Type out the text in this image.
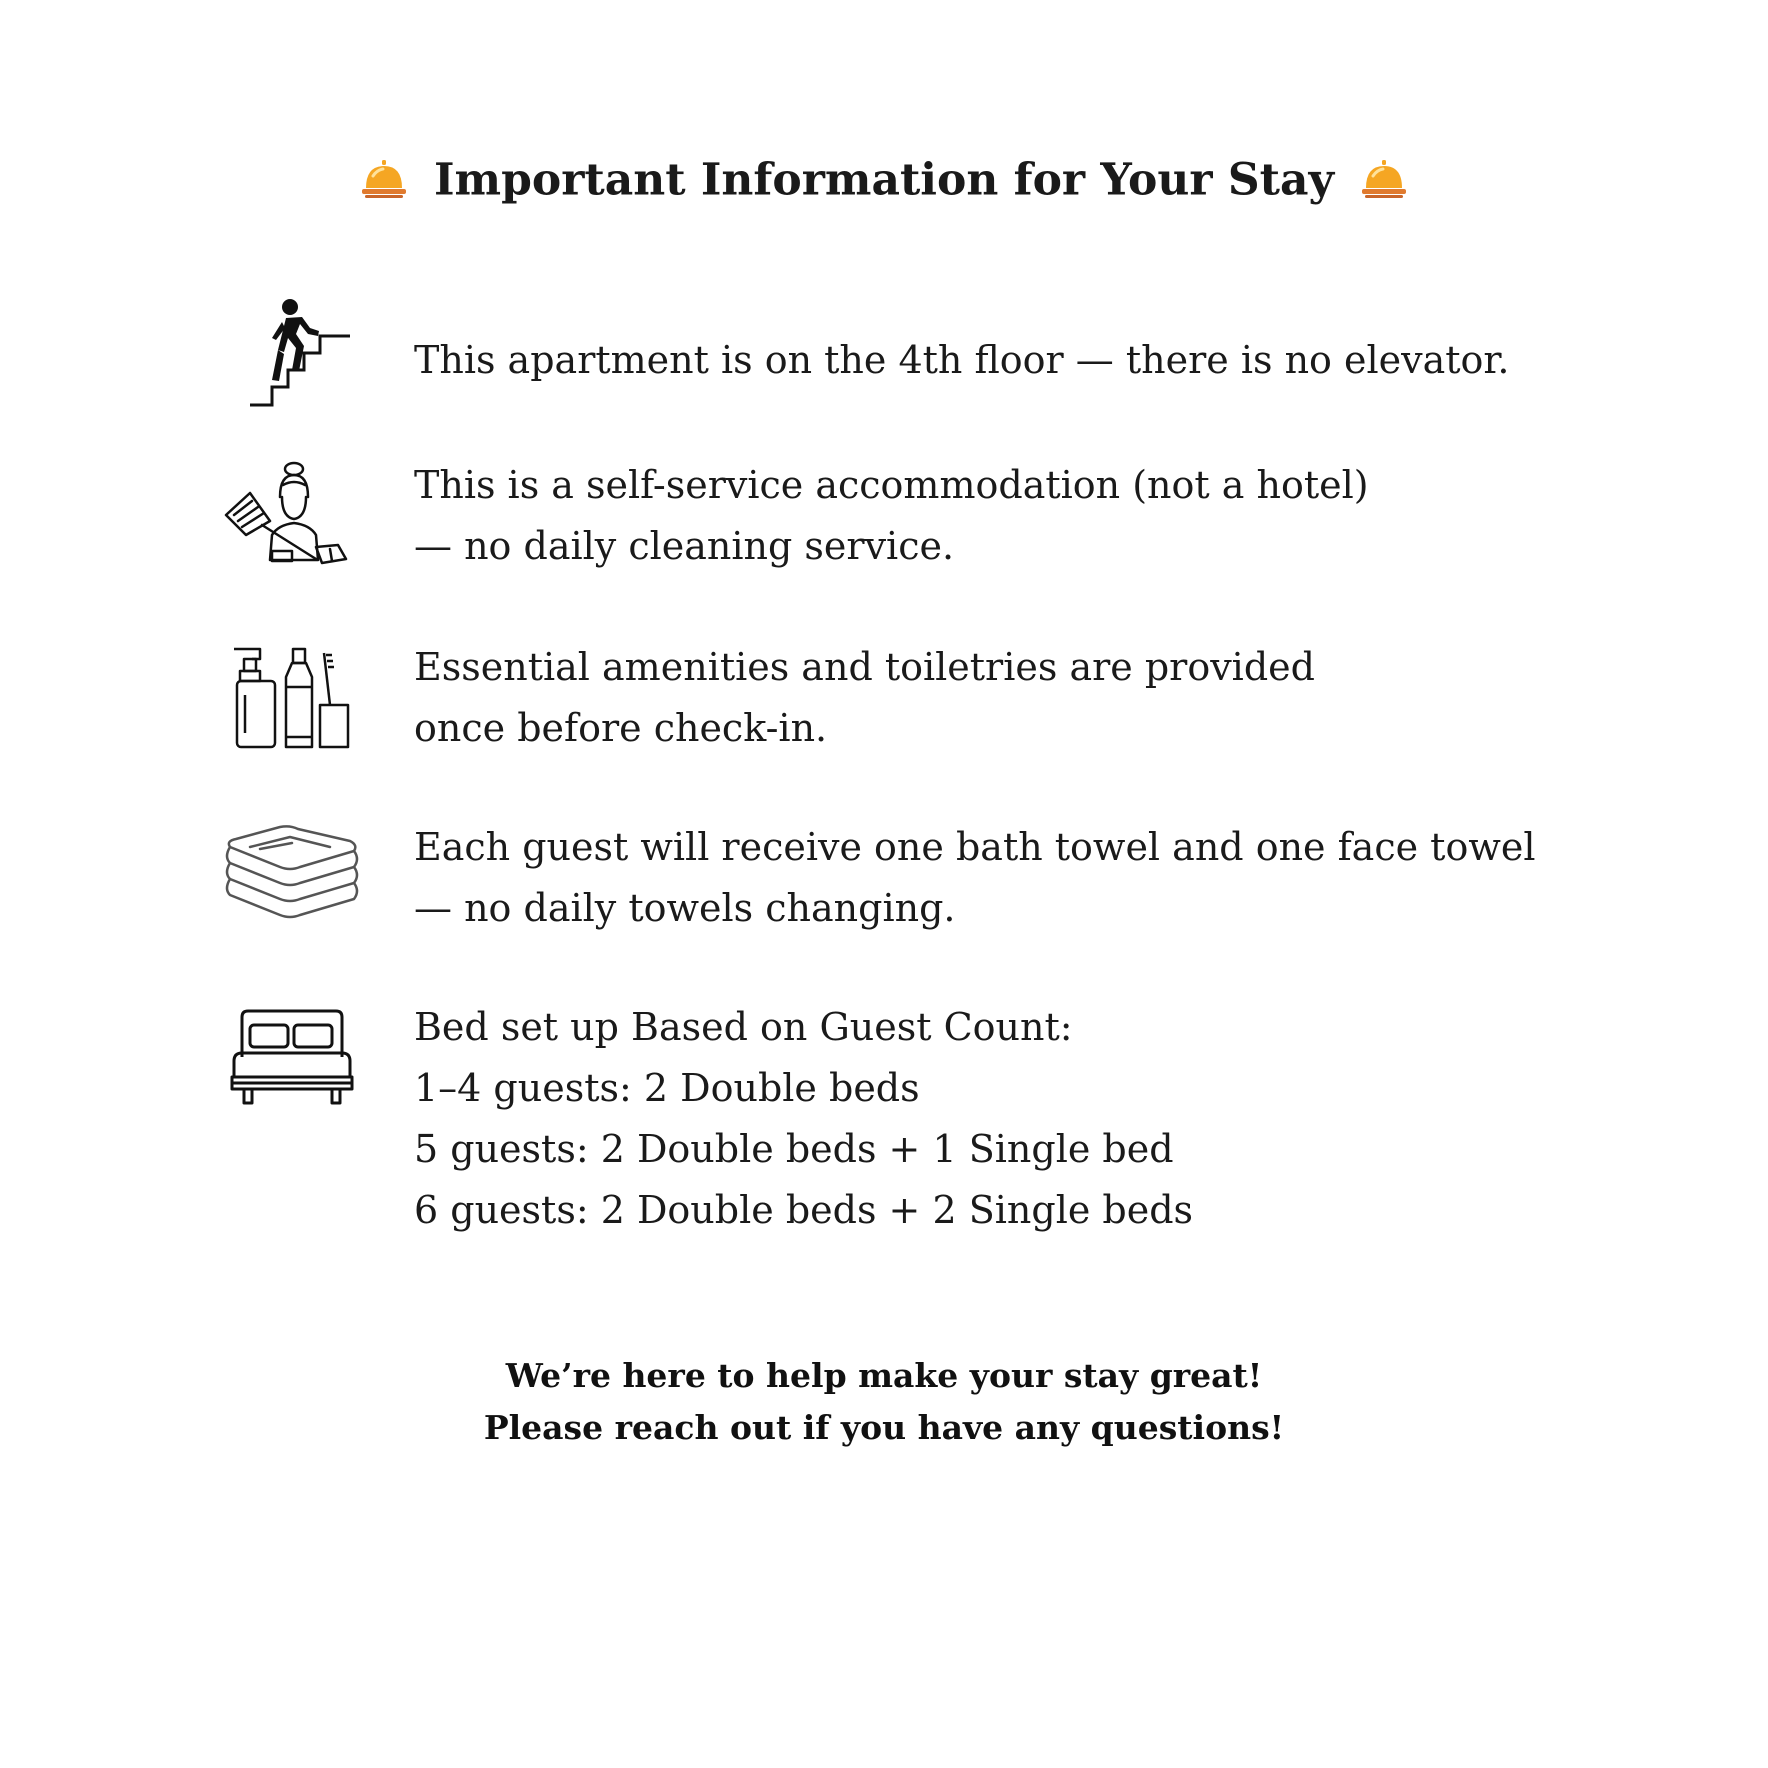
Important Information for Your Stay
This apartment is on the 4th floor — there is no elevator.
This is a self-service accommodation (not a hotel)
— no daily cleaning service.
Essential amenities and toiletries are provided
once before check-in.
Each guest will receive one bath towel and one face towel
— no daily towels changing.
Bed set up Based on Guest Count:
1–4 guests: 2 Double beds
5 guests: 2 Double beds + 1 Single bed
6 guests: 2 Double beds + 2 Single beds
We’re here to help make your stay great!
Please reach out if you have any questions!
